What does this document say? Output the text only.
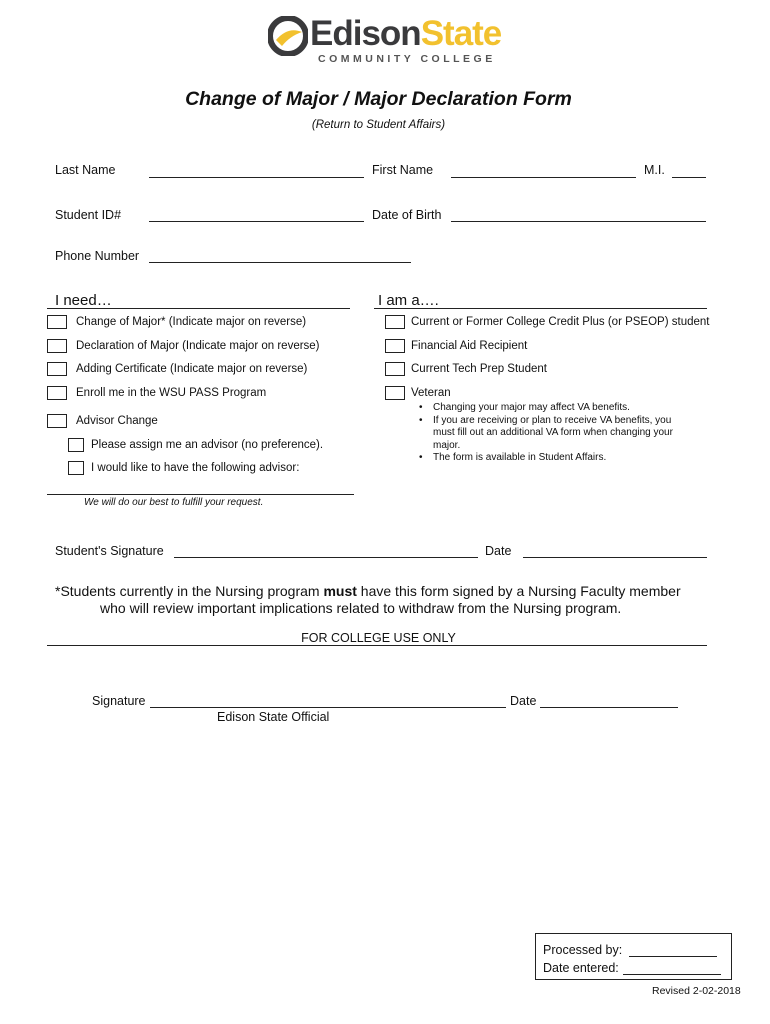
EdisonState
COMMUNITY COLLEGE
Change of Major / Major Declaration Form
(Return to Student Affairs)
Last Name	First Name	M.I.
Student ID#	Date of Birth
Phone Number
I need…	I am a….
Change of Major* (Indicate major on reverse)
Declaration of Major (Indicate major on reverse)
Adding Certificate (Indicate major on reverse)
Enroll me in the WSU PASS Program
Advisor Change
Please assign me an advisor (no preference).
I would like to have the following advisor:
We will do our best to fulfill your request.
Current or Former College Credit Plus (or PSEOP) student
Financial Aid Recipient
Current Tech Prep Student
Veteran
• Changing your major may affect VA benefits.
• If you are receiving or plan to receive VA benefits, you must fill out an additional VA form when changing your major.
• The form is available in Student Affairs.
Student's Signature	Date
*Students currently in the Nursing program must have this form signed by a Nursing Faculty member
who will review important implications related to withdraw from the Nursing program.
FOR COLLEGE USE ONLY
Signature	Date
Edison State Official
Processed by:
Date entered:
Revised 2-02-2018
